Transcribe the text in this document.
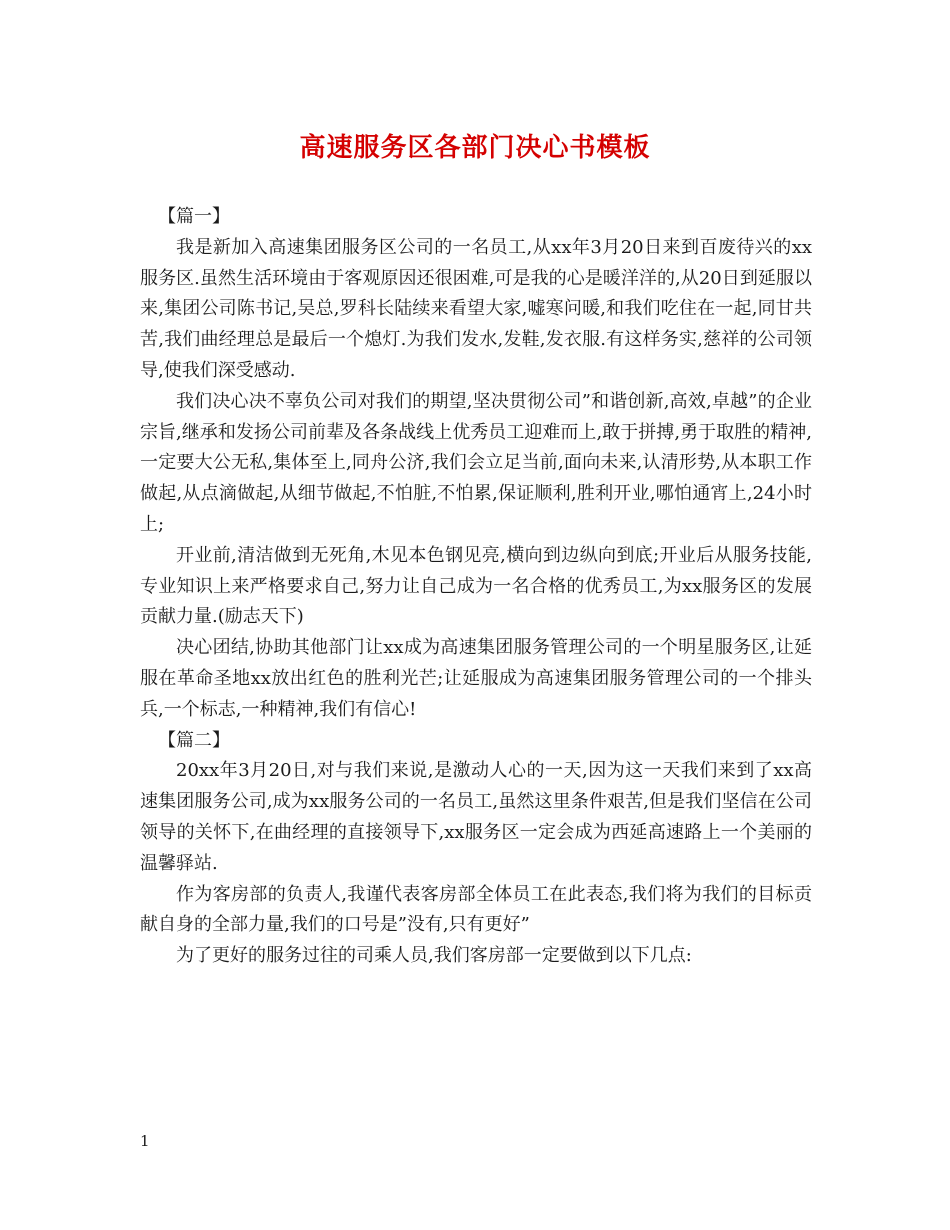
高速服务区各部门决心书模板

【篇一】

我是新加入高速集团服务区公司的一名员工,从xx年3月20日来到百废待兴的xx服务区.虽然生活环境由于客观原因还很困难,可是我的心是暖洋洋的,从20日到延服以来,集团公司陈书记,吴总,罗科长陆续来看望大家,嘘寒问暖,和我们吃住在一起,同甘共苦,我们曲经理总是最后一个熄灯.为我们发水,发鞋,发衣服.有这样务实,慈祥的公司领导,使我们深受感动.

我们决心决不辜负公司对我们的期望,坚决贯彻公司”和谐创新,高效,卓越”的企业宗旨,继承和发扬公司前辈及各条战线上优秀员工迎难而上,敢于拼搏,勇于取胜的精神,一定要大公无私,集体至上,同舟公济,我们会立足当前,面向未来,认清形势,从本职工作做起,从点滴做起,从细节做起,不怕脏,不怕累,保证顺利,胜利开业,哪怕通宵上,24小时上;

开业前,清洁做到无死角,木见本色钢见亮,横向到边纵向到底;开业后从服务技能,专业知识上来严格要求自己,努力让自己成为一名合格的优秀员工,为xx服务区的发展贡献力量.(励志天下)

决心团结,协助其他部门让xx成为高速集团服务管理公司的一个明星服务区,让延服在革命圣地xx放出红色的胜利光芒;让延服成为高速集团服务管理公司的一个排头兵,一个标志,一种精神,我们有信心!

【篇二】

20xx年3月20日,对与我们来说,是激动人心的一天,因为这一天我们来到了xx高速集团服务公司,成为xx服务公司的一名员工,虽然这里条件艰苦,但是我们坚信在公司领导的关怀下,在曲经理的直接领导下,xx服务区一定会成为西延高速路上一个美丽的温馨驿站.

作为客房部的负责人,我谨代表客房部全体员工在此表态,我们将为我们的目标贡献自身的全部力量,我们的口号是”没有,只有更好”

为了更好的服务过往的司乘人员,我们客房部一定要做到以下几点:

1
